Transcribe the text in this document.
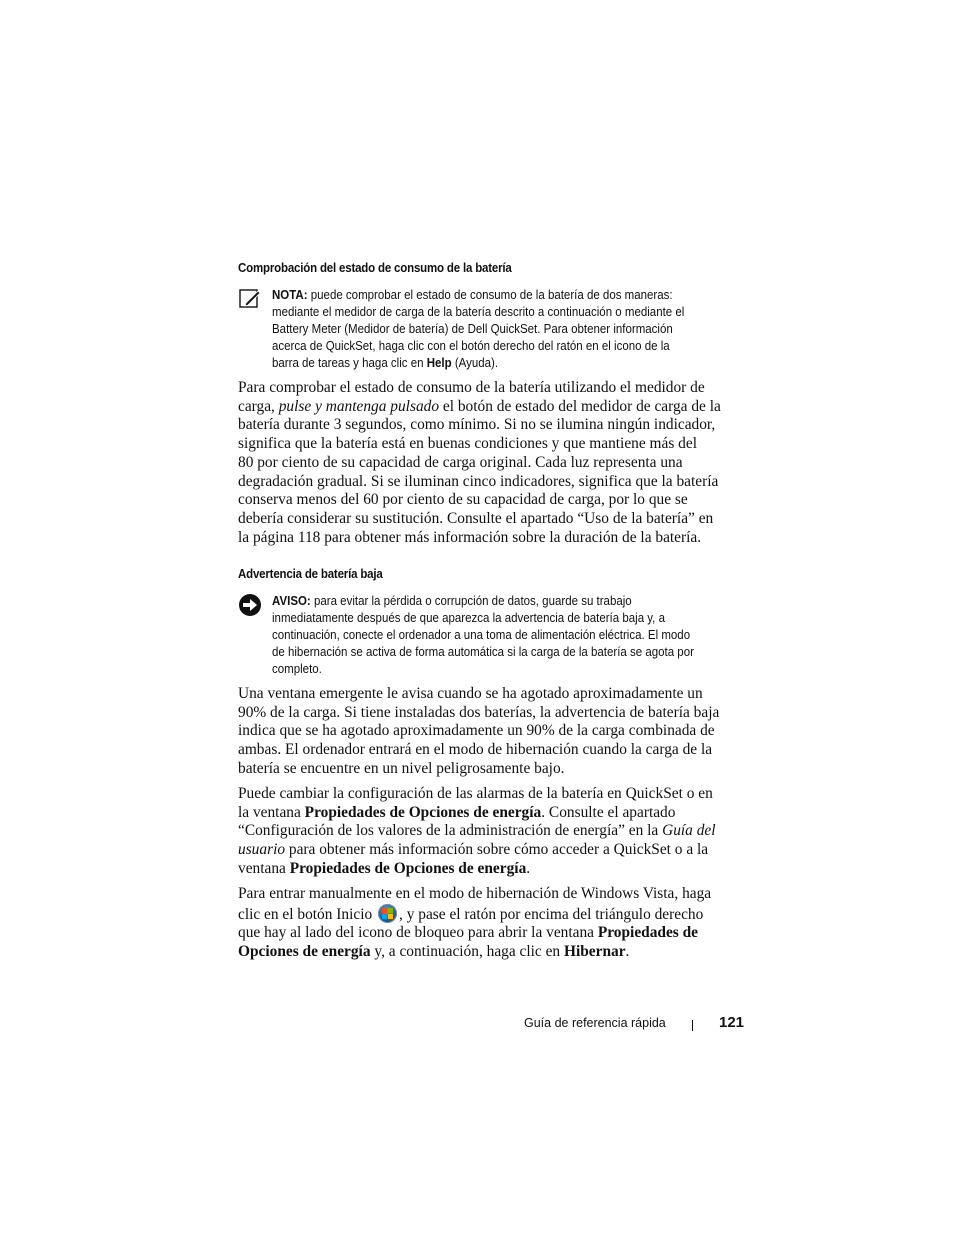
Comprobación del estado de consumo de la batería
NOTA: puede comprobar el estado de consumo de la batería de dos maneras:
mediante el medidor de carga de la batería descrito a continuación o mediante el
Battery Meter (Medidor de batería) de Dell QuickSet. Para obtener información
acerca de QuickSet, haga clic con el botón derecho del ratón en el icono de la
barra de tareas y haga clic en Help (Ayuda).
Para comprobar el estado de consumo de la batería utilizando el medidor de
carga, pulse y mantenga pulsado el botón de estado del medidor de carga de la
batería durante 3 segundos, como mínimo. Si no se ilumina ningún indicador,
significa que la batería está en buenas condiciones y que mantiene más del
80 por ciento de su capacidad de carga original. Cada luz representa una
degradación gradual. Si se iluminan cinco indicadores, significa que la batería
conserva menos del 60 por ciento de su capacidad de carga, por lo que se
debería considerar su sustitución. Consulte el apartado “Uso de la batería” en
la página 118 para obtener más información sobre la duración de la batería.
Advertencia de batería baja
AVISO: para evitar la pérdida o corrupción de datos, guarde su trabajo
inmediatamente después de que aparezca la advertencia de batería baja y, a
continuación, conecte el ordenador a una toma de alimentación eléctrica. El modo
de hibernación se activa de forma automática si la carga de la batería se agota por
completo.
Una ventana emergente le avisa cuando se ha agotado aproximadamente un
90% de la carga. Si tiene instaladas dos baterías, la advertencia de batería baja
indica que se ha agotado aproximadamente un 90% de la carga combinada de
ambas. El ordenador entrará en el modo de hibernación cuando la carga de la
batería se encuentre en un nivel peligrosamente bajo.
Puede cambiar la configuración de las alarmas de la batería en QuickSet o en
la ventana Propiedades de Opciones de energía. Consulte el apartado
“Configuración de los valores de la administración de energía” en la Guía del
usuario para obtener más información sobre cómo acceder a QuickSet o a la
ventana Propiedades de Opciones de energía.
Para entrar manualmente en el modo de hibernación de Windows Vista, haga
clic en el botón Inicio
, y pase el ratón por encima del triángulo derecho
que hay al lado del icono de bloqueo para abrir la ventana Propiedades de
Opciones de energía y, a continuación, haga clic en Hibernar.
Guía de referencia rápida	121
